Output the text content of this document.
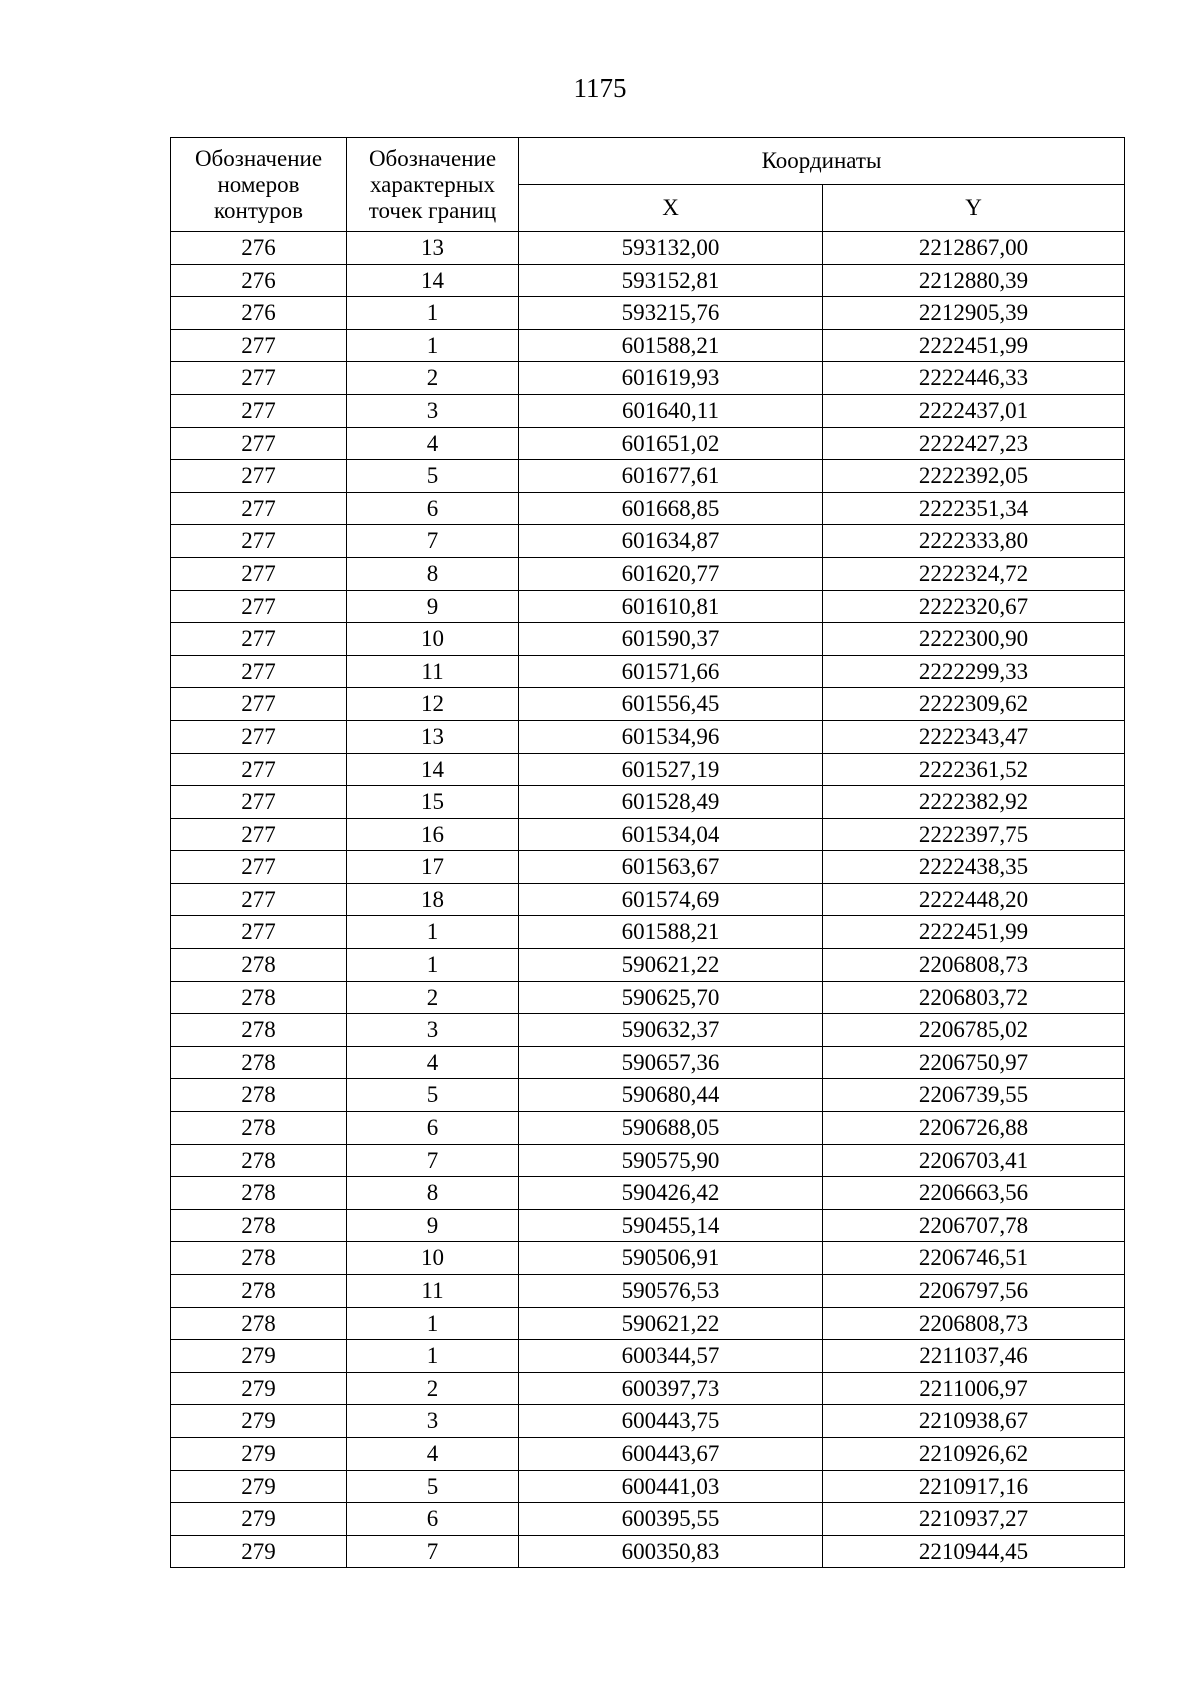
1175
Обозначение номеров контуров	Обозначение характерных точек границ	Координаты	
		X	Y
276	13	593132,00	2212867,00
276	14	593152,81	2212880,39
276	1	593215,76	2212905,39
277	1	601588,21	2222451,99
277	2	601619,93	2222446,33
277	3	601640,11	2222437,01
277	4	601651,02	2222427,23
277	5	601677,61	2222392,05
277	6	601668,85	2222351,34
277	7	601634,87	2222333,80
277	8	601620,77	2222324,72
277	9	601610,81	2222320,67
277	10	601590,37	2222300,90
277	11	601571,66	2222299,33
277	12	601556,45	2222309,62
277	13	601534,96	2222343,47
277	14	601527,19	2222361,52
277	15	601528,49	2222382,92
277	16	601534,04	2222397,75
277	17	601563,67	2222438,35
277	18	601574,69	2222448,20
277	1	601588,21	2222451,99
278	1	590621,22	2206808,73
278	2	590625,70	2206803,72
278	3	590632,37	2206785,02
278	4	590657,36	2206750,97
278	5	590680,44	2206739,55
278	6	590688,05	2206726,88
278	7	590575,90	2206703,41
278	8	590426,42	2206663,56
278	9	590455,14	2206707,78
278	10	590506,91	2206746,51
278	11	590576,53	2206797,56
278	1	590621,22	2206808,73
279	1	600344,57	2211037,46
279	2	600397,73	2211006,97
279	3	600443,75	2210938,67
279	4	600443,67	2210926,62
279	5	600441,03	2210917,16
279	6	600395,55	2210937,27
279	7	600350,83	2210944,45
